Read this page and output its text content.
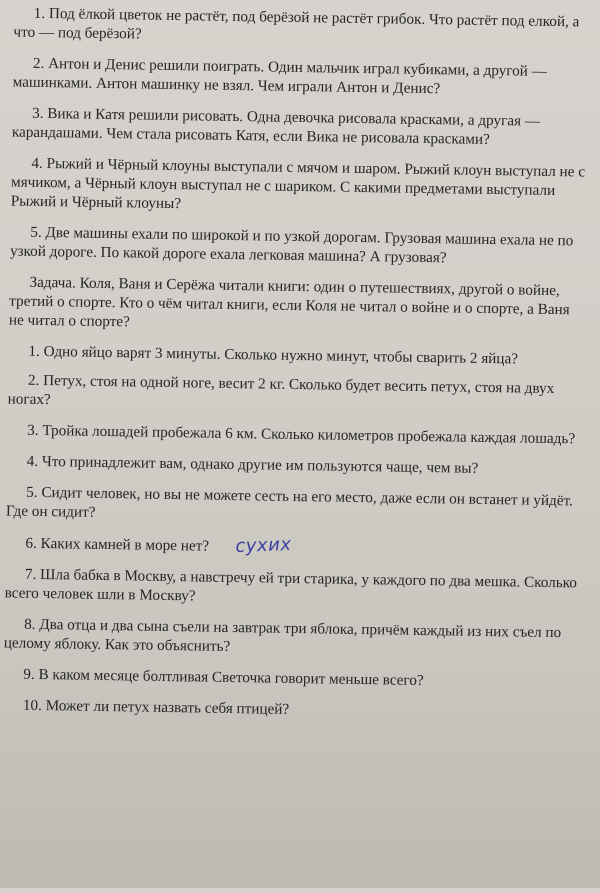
1. Под ёлкой цветок не растёт, под берёзой не растёт грибок. Что растёт под елкой, а что — под берёзой?

2. Антон и Денис решили поиграть. Один мальчик играл кубиками, а другой — машинками. Антон машинку не взял. Чем играли Антон и Денис?

3. Вика и Катя решили рисовать. Одна девочка рисовала красками, а другая — карандашами. Чем стала рисовать Катя, если Вика не рисовала красками?

4. Рыжий и Чёрный клоуны выступали с мячом и шаром. Рыжий клоун выступал не с мячиком, а Чёрный клоун выступал не с шариком. С какими предметами выступали Рыжий и Чёрный клоуны?

5. Две машины ехали по широкой и по узкой дорогам. Грузовая машина ехала не по узкой дороге. По какой дороге ехала легковая машина? А грузовая?

Задача. Коля, Ваня и Серёжа читали книги: один о путешествиях, другой о войне, третий о спорте. Кто о чём читал книги, если Коля не читал о войне и о спорте, а Ваня не читал о спорте?

1. Одно яйцо варят 3 минуты. Сколько нужно минут, чтобы сварить 2 яйца?

2. Петух, стоя на одной ноге, весит 2 кг. Сколько будет весить петух, стоя на двух ногах?

3. Тройка лошадей пробежала 6 км. Сколько километров пробежала каждая лошадь?

4. Что принадлежит вам, однако другие им пользуются чаще, чем вы?

5. Сидит человек, но вы не можете сесть на его место, даже если он встанет и уйдёт. Где он сидит?

6. Каких камней в море нет? сухих

7. Шла бабка в Москву, а навстречу ей три старика, у каждого по два мешка. Сколько всего человек шли в Москву?

8. Два отца и два сына съели на завтрак три яблока, причём каждый из них съел по целому яблоку. Как это объяснить?

9. В каком месяце болтливая Светочка говорит меньше всего?

10. Может ли петух назвать себя птицей?
